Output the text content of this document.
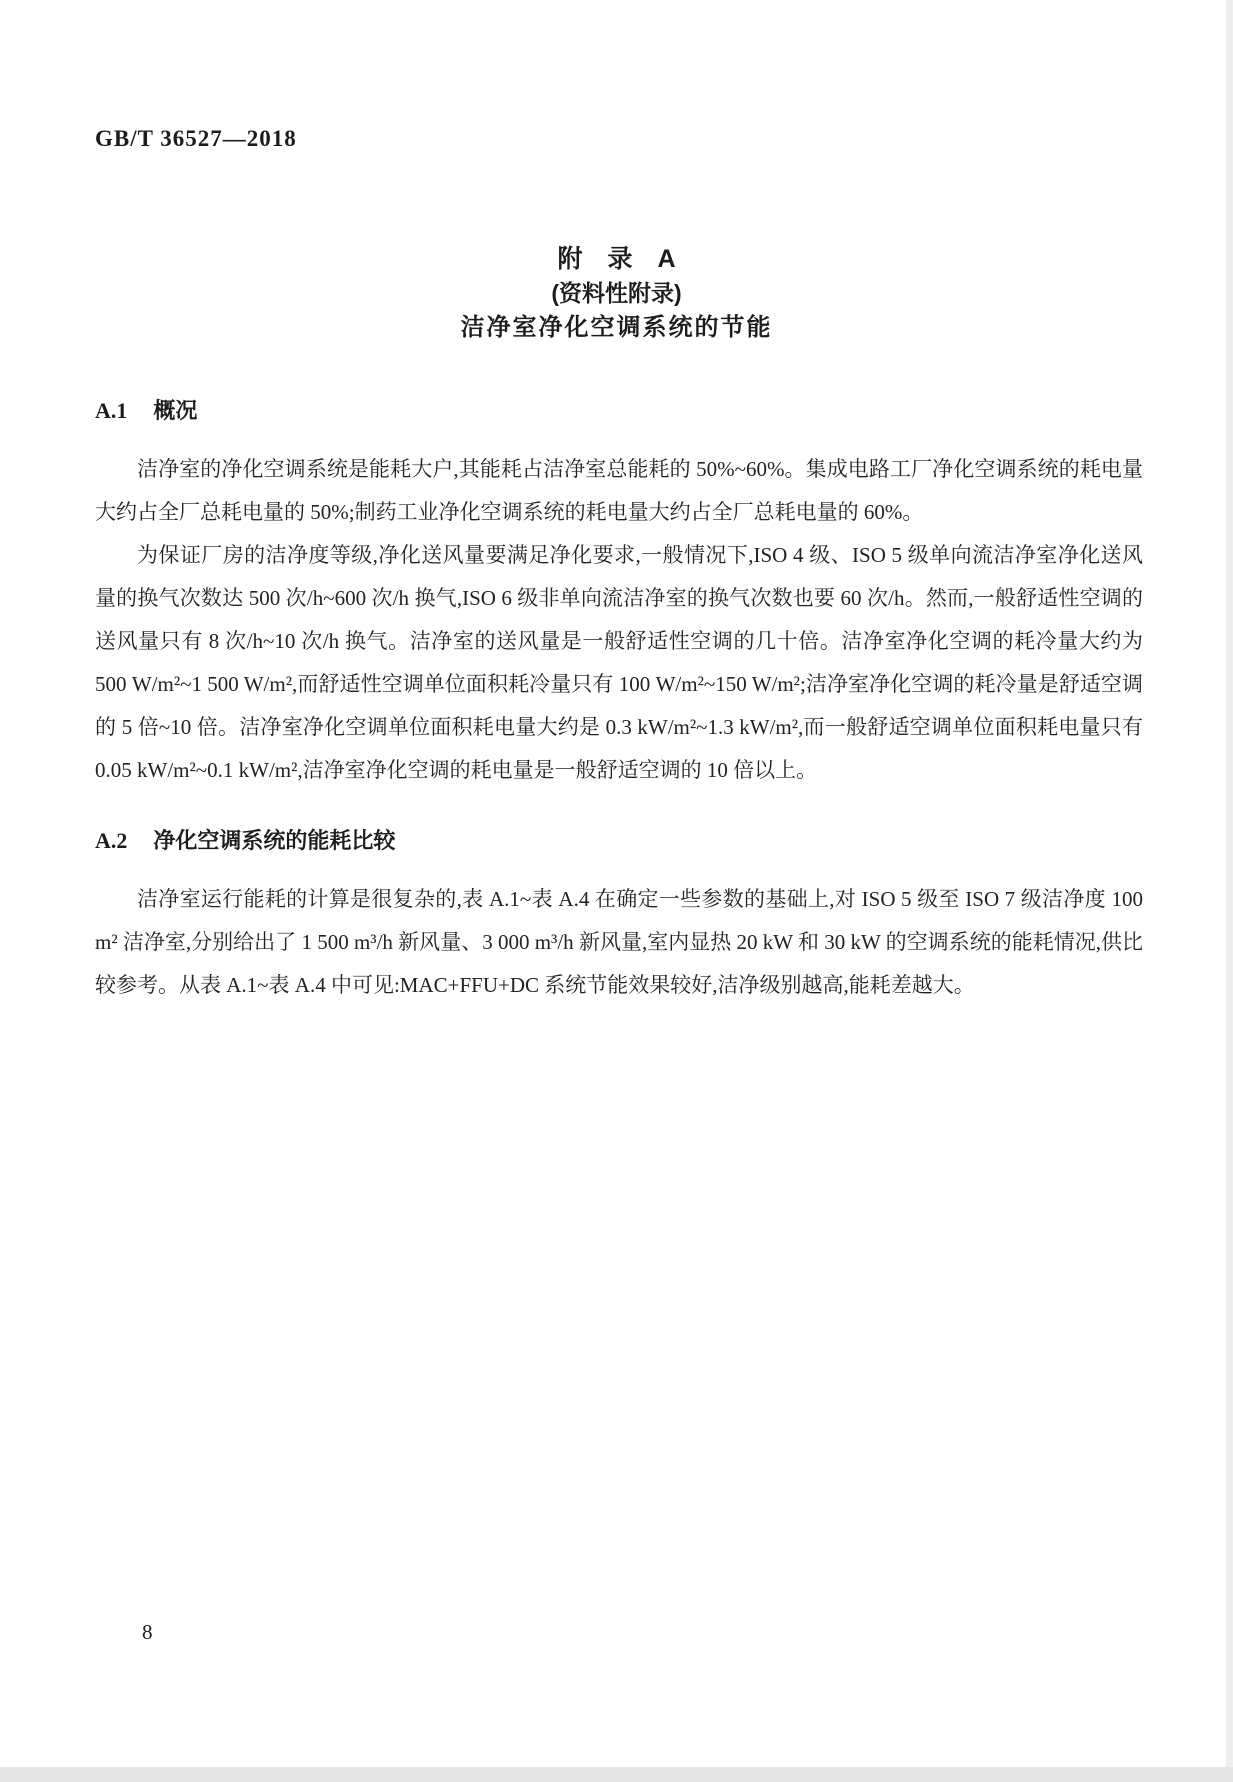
GB/T 36527—2018
附　录　A
(资料性附录)
洁净室净化空调系统的节能
A.1 概况

洁净室的净化空调系统是能耗大户,其能耗占洁净室总能耗的 50%~60%。集成电路工厂净化空调系统的耗电量大约占全厂总耗电量的 50%;制药工业净化空调系统的耗电量大约占全厂总耗电量的 60%。

为保证厂房的洁净度等级,净化送风量要满足净化要求,一般情况下,ISO 4 级、ISO 5 级单向流洁净室净化送风量的换气次数达 500 次/h~600 次/h 换气,ISO 6 级非单向流洁净室的换气次数也要 60 次/h。然而,一般舒适性空调的送风量只有 8 次/h~10 次/h 换气。洁净室的送风量是一般舒适性空调的几十倍。洁净室净化空调的耗冷量大约为 500 W/m²~1 500 W/m²,而舒适性空调单位面积耗冷量只有 100 W/m²~150 W/m²;洁净室净化空调的耗冷量是舒适空调的 5 倍~10 倍。洁净室净化空调单位面积耗电量大约是 0.3 kW/m²~1.3 kW/m²,而一般舒适空调单位面积耗电量只有 0.05 kW/m²~0.1 kW/m²,洁净室净化空调的耗电量是一般舒适空调的 10 倍以上。

A.2 净化空调系统的能耗比较

洁净室运行能耗的计算是很复杂的,表 A.1~表 A.4 在确定一些参数的基础上,对 ISO 5 级至 ISO 7 级洁净度 100 m² 洁净室,分别给出了 1 500 m³/h 新风量、3 000 m³/h 新风量,室内显热 20 kW 和 30 kW 的空调系统的能耗情况,供比较参考。从表 A.1~表 A.4 中可见:MAC+FFU+DC 系统节能效果较好,洁净级别越高,能耗差越大。

8
